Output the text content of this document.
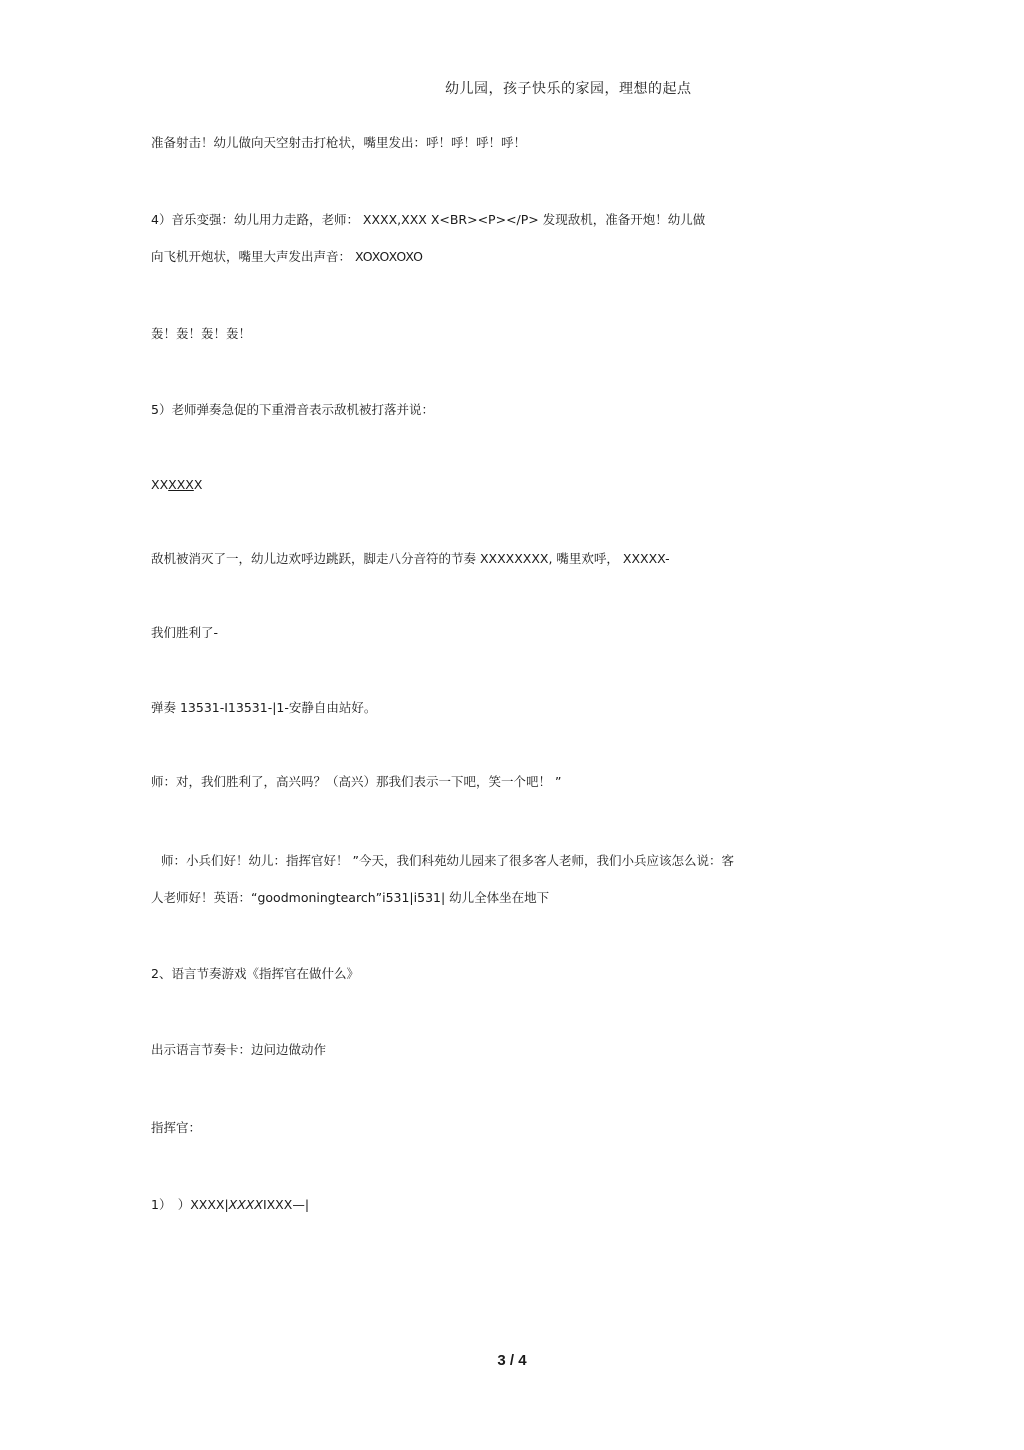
幼儿园，孩子快乐的家园，理想的起点
准备射击！幼儿做向天空射击打枪状，嘴里发出：呼！呼！呼！呼！
4）音乐变强：幼儿用力走路，老师： XXXX,XXX X<BR><P></P> 发现敌机，准备开炮！幼儿做
向飞机开炮状，嘴里大声发出声音： XOXOXOXO
轰！轰！轰！轰！
5）老师弹奏急促的下重滑音表示敌机被打落并说：
XXXXXX
敌机被消灭了一，幼儿边欢呼边跳跃，脚走八分音符的节奏 XXXXXXXX, 嘴里欢呼， XXXXX-
我们胜利了-
弹奏 13531-I13531-|1-安静自由站好。
师：对，我们胜利了，高兴吗？（高兴）那我们表示一下吧，笑一个吧！ ”
师：小兵们好！幼儿：指挥官好！ ”今天，我们科苑幼儿园来了很多客人老师，我们小兵应该怎么说：客
人老师好！英语：“goodmoningtearch”i531|i531| 幼儿全体坐在地下
2、语言节奏游戏《指挥官在做什么》
出示语言节奏卡：边问边做动作
指挥官：
1）　）XXXX|XXXXIXXX—|
3 / 4
